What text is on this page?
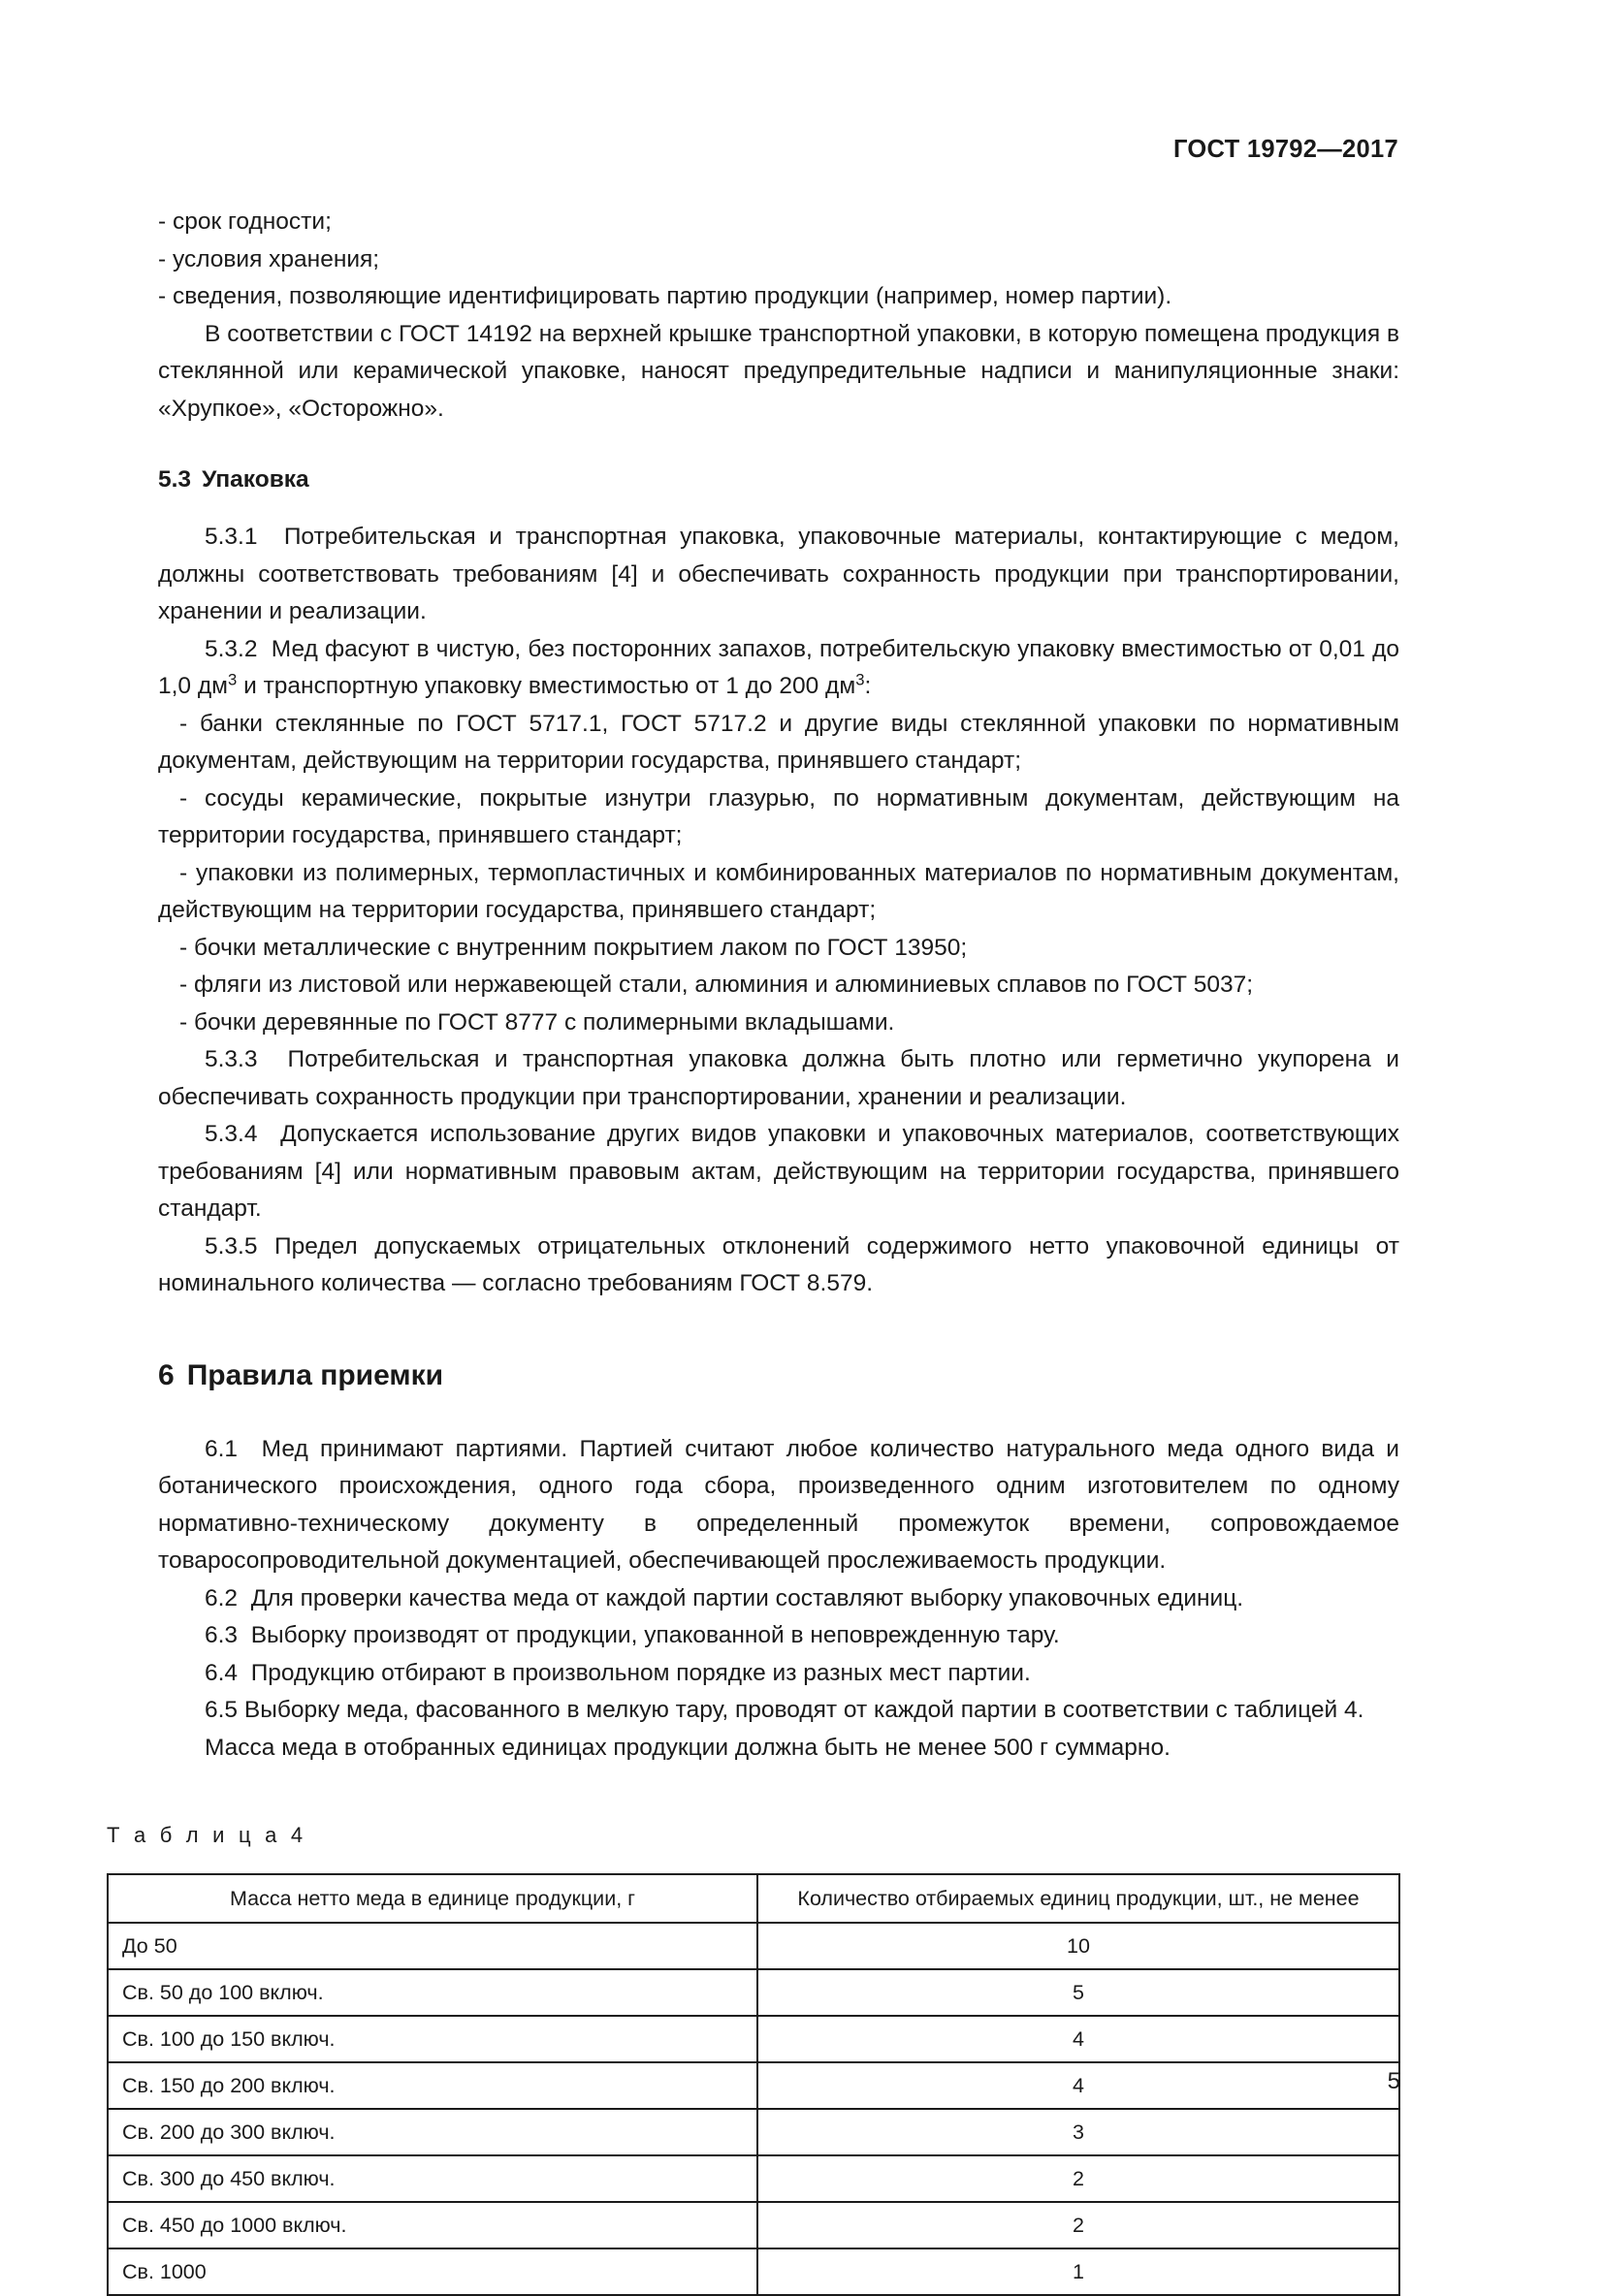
ГОСТ 19792—2017

- срок годности;

- условия хранения;

- сведения, позволяющие идентифицировать партию продукции (например, номер партии).

В соответствии с ГОСТ 14192 на верхней крышке транспортной упаковки, в которую помещена продукция в стеклянной или керамической упаковке, наносят предупредительные надписи и манипуляционные знаки: «Хрупкое», «Осторожно».

5.3 Упаковка

5.3.1 Потребительская и транспортная упаковка, упаковочные материалы, контактирующие с медом, должны соответствовать требованиям [4] и обеспечивать сохранность продукции при транспортировании, хранении и реализации.

5.3.2 Мед фасуют в чистую, без посторонних запахов, потребительскую упаковку вместимостью от 0,01 до 1,0 $дм^3$ и транспортную упаковку вместимостью от 1 до 200 $дм^3$:

- банки стеклянные по ГОСТ 5717.1, ГОСТ 5717.2 и другие виды стеклянной упаковки по нормативным документам, действующим на территории государства, принявшего стандарт;

- сосуды керамические, покрытые изнутри глазурью, по нормативным документам, действующим на территории государства, принявшего стандарт;

- упаковки из полимерных, термопластичных и комбинированных материалов по нормативным документам, действующим на территории государства, принявшего стандарт;

- бочки металлические с внутренним покрытием лаком по ГОСТ 13950;

- фляги из листовой или нержавеющей стали, алюминия и алюминиевых сплавов по ГОСТ 5037;

- бочки деревянные по ГОСТ 8777 с полимерными вкладышами.

5.3.3 Потребительская и транспортная упаковка должна быть плотно или герметично укупорена и обеспечивать сохранность продукции при транспортировании, хранении и реализации.

5.3.4 Допускается использование других видов упаковки и упаковочных материалов, соответствующих требованиям [4] или нормативным правовым актам, действующим на территории государства, принявшего стандарт.

5.3.5 Предел допускаемых отрицательных отклонений содержимого нетто упаковочной единицы от номинального количества — согласно требованиям ГОСТ 8.579.

6 Правила приемки

6.1 Мед принимают партиями. Партией считают любое количество натурального меда одного вида и ботанического происхождения, одного года сбора, произведенного одним изготовителем по одному нормативно-техническому документу в определенный промежуток времени, сопровождаемое товаросопроводительной документацией, обеспечивающей прослеживаемость продукции.

6.2 Для проверки качества меда от каждой партии составляют выборку упаковочных единиц.

6.3 Выборку производят от продукции, упакованной в неповрежденную тару.

6.4 Продукцию отбирают в произвольном порядке из разных мест партии.

6.5 Выборку меда, фасованного в мелкую тару, проводят от каждой партии в соответствии с таблицей 4.

Масса меда в отобранных единицах продукции должна быть не менее 500 г суммарно.

Т а б л и ц а 4

Масса нетто меда в единице продукции, г	Количество отбираемых единиц продукции, шт., не менее
До 50	10
Св. 50 до 100 включ.	5
Св. 100 до 150 включ.	4
Св. 150 до 200 включ.	4
Св. 200 до 300 включ.	3
Св. 300 до 450 включ.	2
Св. 450 до 1000 включ.	2
Св. 1000	1
5
